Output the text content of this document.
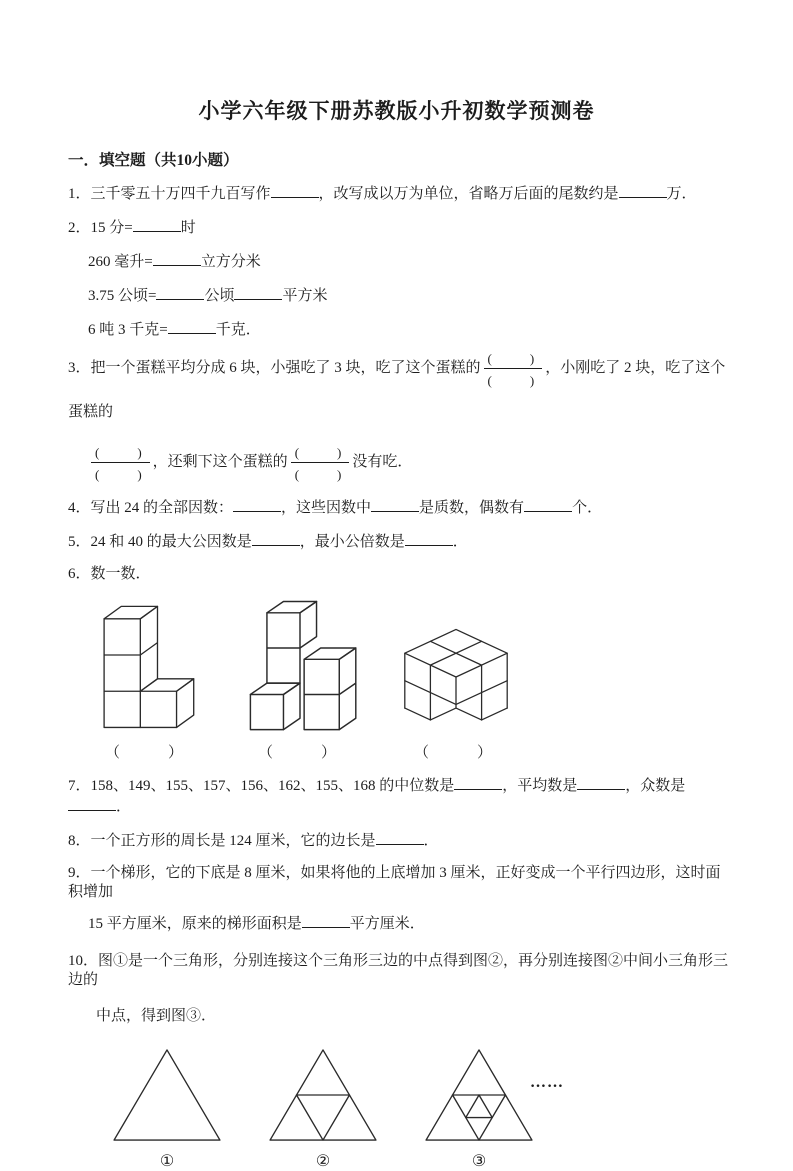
小学六年级下册苏教版小升初数学预测卷
一．填空题（共10小题）

1．三千零五十万四千九百写作	，改写成以万为单位，省略万后面的尾数约是	万．

2．15 分=	时

260 毫升=	立方分米

3.75 公顷=	公顷	平方米

6 吨 3 千克=	千克．

3．把一个蛋糕平均分成 6 块，小强吃了 3 块，吃了这个蛋糕的 $\frac{( )}{( )}$ ，小刚吃了 2 块，吃了这个蛋糕的

$\frac{( )}{( )}$ ，还剩下这个蛋糕的 $\frac{( )}{( )}$ 没有吃．

4．写出 24 的全部因数：	，这些因数中	是质数，偶数有	个．

5．24 和 40 的最大公因数是	，最小公倍数是	．

6．数一数．

（　　）	（　　）	（　　）

7．158、149、155、157、156、162、155、168 的中位数是	，平均数是	，众数是．

8．一个正方形的周长是 124 厘米，它的边长是	．

9．一个梯形，它的下底是 8 厘米，如果将他的上底增加 3 厘米，正好变成一个平行四边形，这时面积增加

15 平方厘米，原来的梯形面积是	平方厘米．

10．图①是一个三角形，分别连接这个三角形三边的中点得到图②，再分别连接图②中间小三角形三边的

中点，得到图③．

①	②
……
③
